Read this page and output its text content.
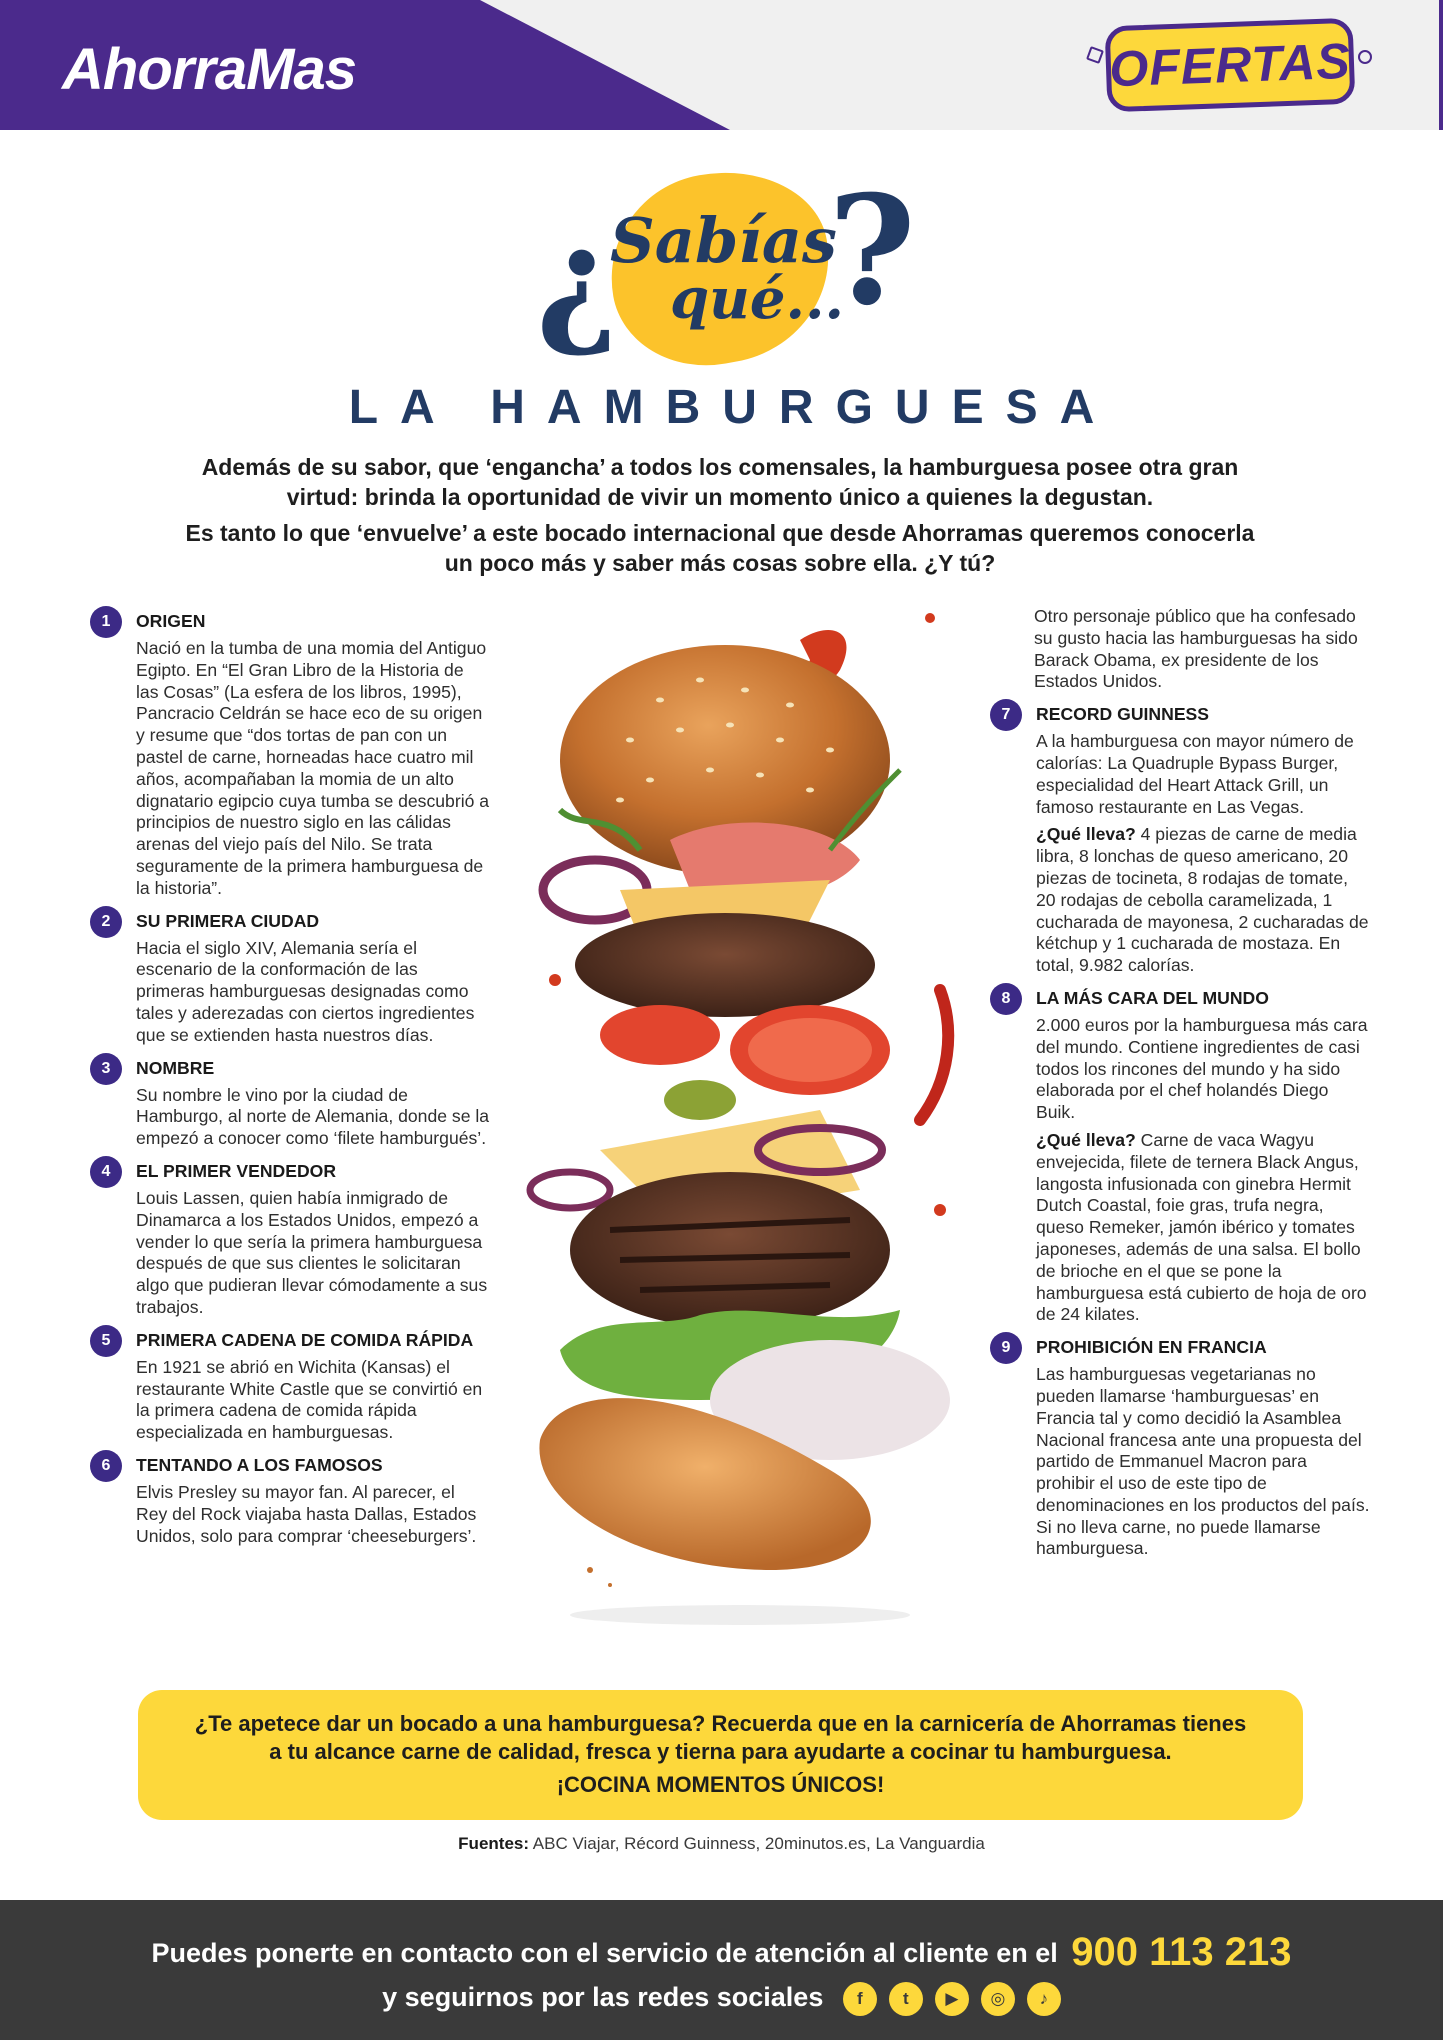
AhorraMas	OFERTAS
¿
Sabías
qué...
?
LA HAMBURGUESA
Además de su sabor, que ‘engancha’ a todos los comensales, la hamburguesa posee otra gran virtud: brinda la oportunidad de vivir un momento único a quienes la degustan.
Es tanto lo que ‘envuelve’ a este bocado internacional que desde Ahorramas queremos conocerla un poco más y saber más cosas sobre ella. ¿Y tú?
1	ORIGEN

Nació en la tumba de una momia del Antiguo Egipto. En “El Gran Libro de la Historia de las Cosas” (La esfera de los libros, 1995), Pancracio Celdrán se hace eco de su origen y resume que “dos tortas de pan con un pastel de carne, horneadas hace cuatro mil años, acompañaban la momia de un alto dignatario egipcio cuya tumba se descubrió a principios de nuestro siglo en las cálidas arenas del viejo país del Nilo. Se trata seguramente de la primera hamburguesa de la historia”.

2	SU PRIMERA CIUDAD

Hacia el siglo XIV, Alemania sería el escenario de la conformación de las primeras hamburguesas designadas como tales y aderezadas con ciertos ingredientes que se extienden hasta nuestros días.

3	NOMBRE

Su nombre le vino por la ciudad de Hamburgo, al norte de Alemania, donde se la empezó a conocer como ‘filete hamburgués’.

4	EL PRIMER VENDEDOR

Louis Lassen, quien había inmigrado de Dinamarca a los Estados Unidos, empezó a vender lo que sería la primera hamburguesa después de que sus clientes le solicitaran algo que pudieran llevar cómodamente a sus trabajos.

5	PRIMERA CADENA DE COMIDA RÁPIDA

En 1921 se abrió en Wichita (Kansas) el restaurante White Castle que se convirtió en la primera cadena de comida rápida especializada en hamburguesas.

6	TENTANDO A LOS FAMOSOS

Elvis Presley su mayor fan. Al parecer, el Rey del Rock viajaba hasta Dallas, Estados Unidos, solo para comprar ‘cheeseburgers’.

Otro personaje público que ha confesado su gusto hacia las hamburguesas ha sido Barack Obama, ex presidente de los Estados Unidos.

7	RECORD GUINNESS

A la hamburguesa con mayor número de calorías: La Quadruple Bypass Burger, especialidad del Heart Attack Grill, un famoso restaurante en Las Vegas.

¿Qué lleva? 4 piezas de carne de media libra, 8 lonchas de queso americano, 20 piezas de tocineta, 8 rodajas de tomate, 20 rodajas de cebolla caramelizada, 1 cucharada de mayonesa, 2 cucharadas de kétchup y 1 cucharada de mostaza. En total, 9.982 calorías.

8	LA MÁS CARA DEL MUNDO

2.000 euros por la hamburguesa más cara del mundo. Contiene ingredientes de casi todos los rincones del mundo y ha sido elaborada por el chef holandés Diego Buik.

¿Qué lleva? Carne de vaca Wagyu envejecida, filete de ternera Black Angus, langosta infusionada con ginebra Hermit Dutch Coastal, foie gras, trufa negra, queso Remeker, jamón ibérico y tomates japoneses, además de una salsa. El bollo de brioche en el que se pone la hamburguesa está cubierto de hoja de oro de 24 kilates.

9	PROHIBICIÓN EN FRANCIA

Las hamburguesas vegetarianas no pueden llamarse ‘hamburguesas’ en Francia tal y como decidió la Asamblea Nacional francesa ante una propuesta del partido de Emmanuel Macron para prohibir el uso de este tipo de denominaciones en los productos del país. Si no lleva carne, no puede llamarse hamburguesa.

¿Te apetece dar un bocado a una hamburguesa? Recuerda que en la carnicería de Ahorramas tienes
a tu alcance carne de calidad, fresca y tierna para ayudarte a cocinar tu hamburguesa.
¡COCINA MOMENTOS ÚNICOS!
Fuentes: ABC Viajar, Récord Guinness, 20minutos.es, La Vanguardia
Puedes ponerte en contacto con el servicio de atención al cliente en el 900 113 213
y seguirnos por las redes sociales	f	t	▶	◎	♪
